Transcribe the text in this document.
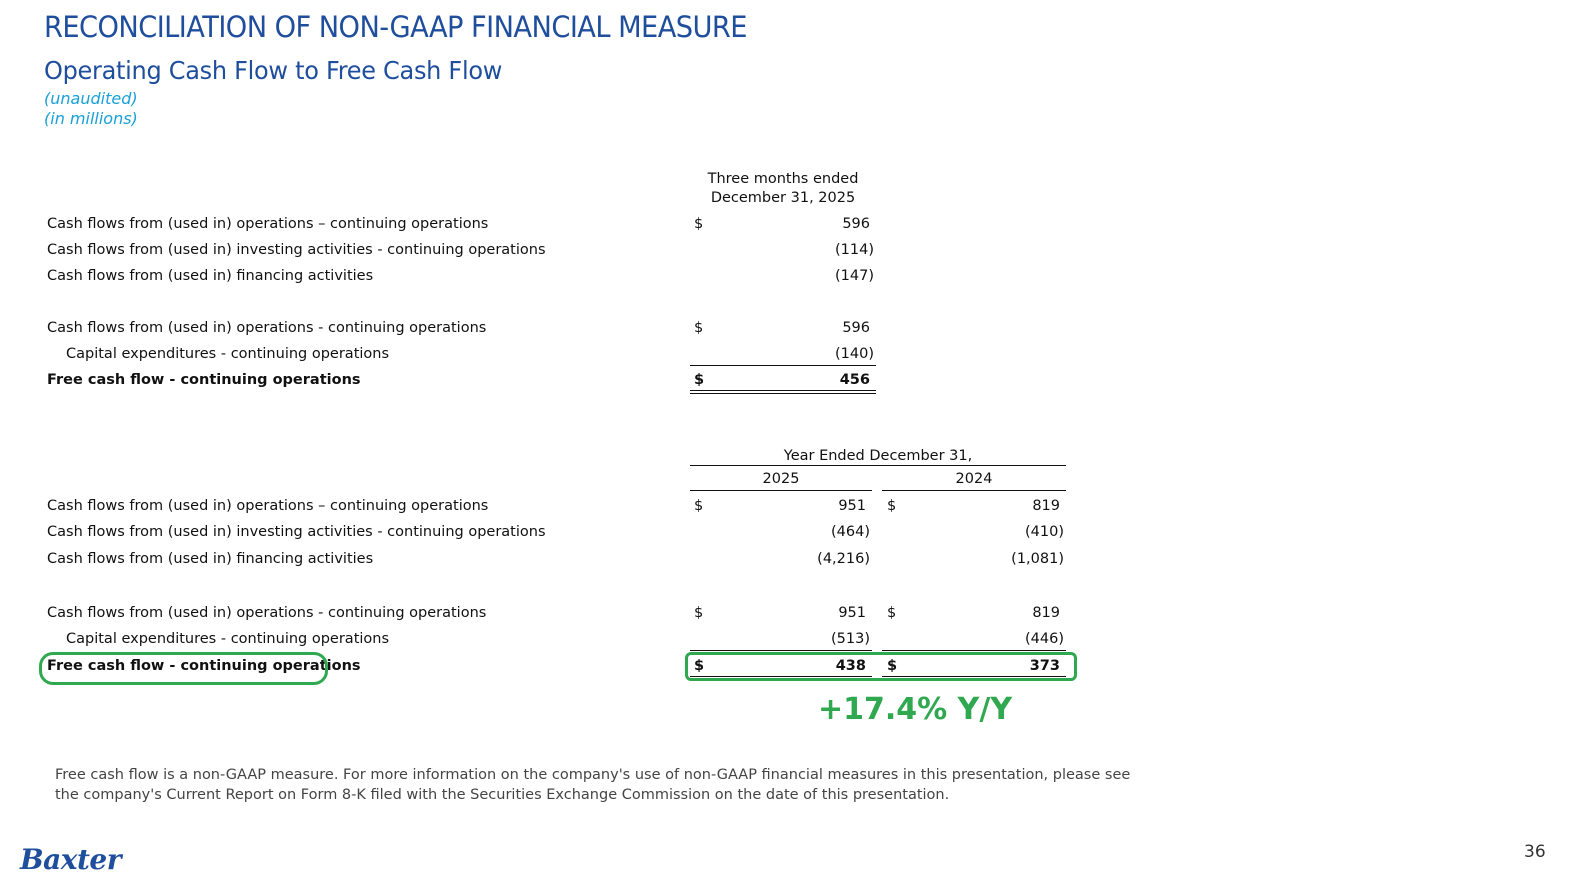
RECONCILIATION OF NON-GAAP FINANCIAL MEASURE
Operating Cash Flow to Free Cash Flow
(unaudited)
(in millions)
Three months ended
December 31, 2025
Cash flows from (used in) operations – continuing operations	$	596
Cash flows from (used in) investing activities - continuing operations	(114)
Cash flows from (used in) financing activities	(147)
Cash flows from (used in) operations - continuing operations	$	596
Capital expenditures - continuing operations	(140)
Free cash flow - continuing operations	$	456
Year Ended December 31,
2025	2024
Cash flows from (used in) operations – continuing operations	$	951 $	819
Cash flows from (used in) investing activities - continuing operations	(464)	(410)
Cash flows from (used in) financing activities	(4,216)	(1,081)
Cash flows from (used in) operations - continuing operations	$	951 $	819
Capital expenditures - continuing operations	(513)	(446)
Free cash flow - continuing operations	$	438 $	373
+17.4% Y/Y
Free cash flow is a non-GAAP measure. For more information on the company's use of non-GAAP financial measures in this presentation, please see the company's Current Report on Form 8-K filed with the Securities Exchange Commission on the date of this presentation.
Baxter	36
